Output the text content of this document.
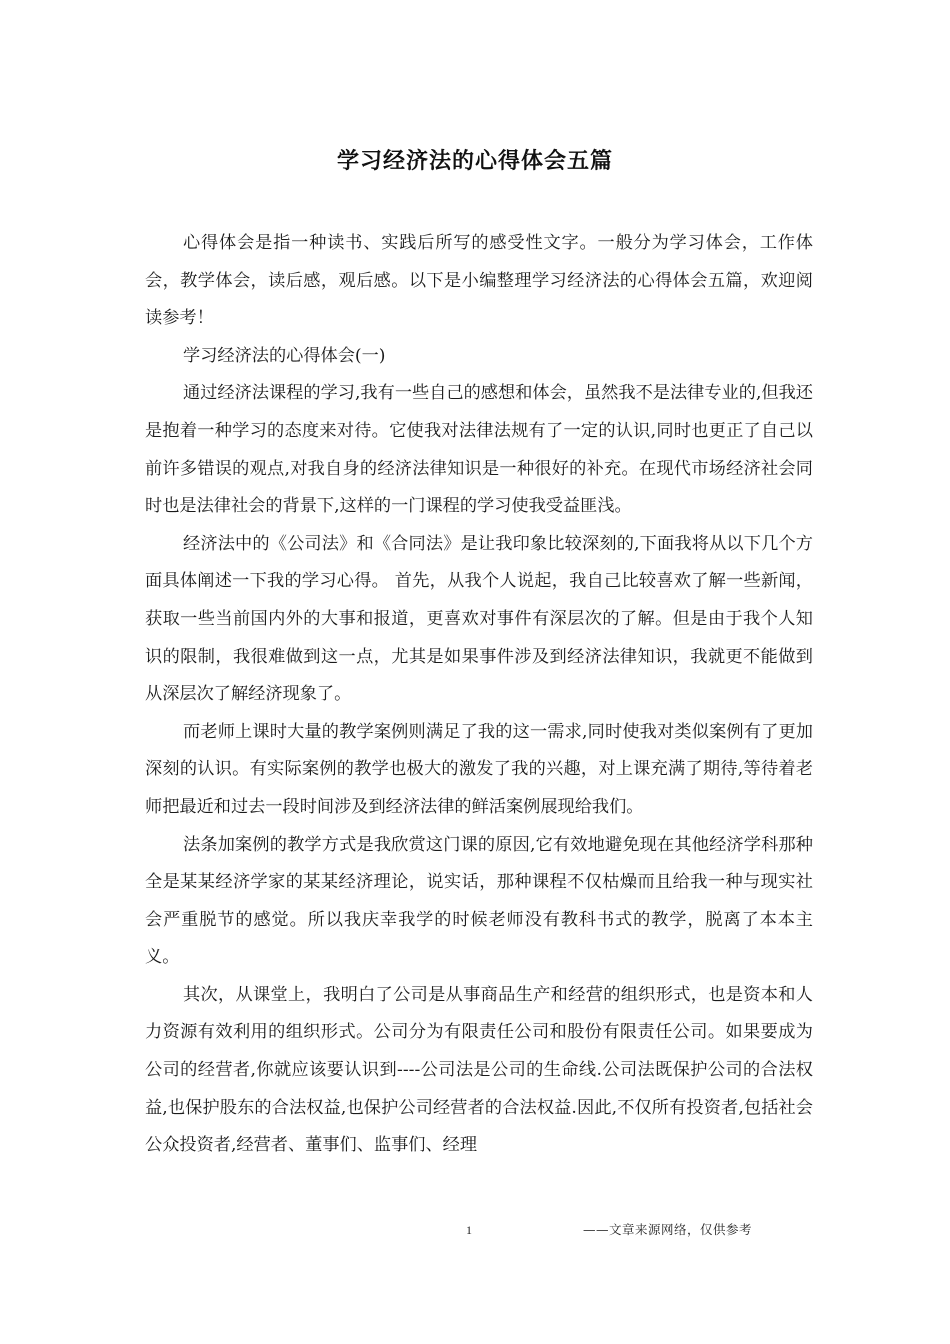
学习经济法的心得体会五篇

心得体会是指一种读书、实践后所写的感受性文字。一般分为学习体会，工作体会，教学体会，读后感，观后感。以下是小编整理学习经济法的心得体会五篇，欢迎阅读参考！

学习经济法的心得体会(一)

通过经济法课程的学习,我有一些自己的感想和体会，虽然我不是法律专业的,但我还是抱着一种学习的态度来对待。它使我对法律法规有了一定的认识,同时也更正了自己以前许多错误的观点,对我自身的经济法律知识是一种很好的补充。在现代市场经济社会同时也是法律社会的背景下,这样的一门课程的学习使我受益匪浅。

经济法中的《公司法》和《合同法》是让我印象比较深刻的,下面我将从以下几个方面具体阐述一下我的学习心得。 首先，从我个人说起，我自己比较喜欢了解一些新闻，获取一些当前国内外的大事和报道，更喜欢对事件有深层次的了解。但是由于我个人知识的限制，我很难做到这一点，尤其是如果事件涉及到经济法律知识，我就更不能做到从深层次了解经济现象了。

而老师上课时大量的教学案例则满足了我的这一需求,同时使我对类似案例有了更加深刻的认识。有实际案例的教学也极大的激发了我的兴趣，对上课充满了期待,等待着老师把最近和过去一段时间涉及到经济法律的鲜活案例展现给我们。

法条加案例的教学方式是我欣赏这门课的原因,它有效地避免现在其他经济学科那种全是某某经济学家的某某经济理论，说实话，那种课程不仅枯燥而且给我一种与现实社会严重脱节的感觉。所以我庆幸我学的时候老师没有教科书式的教学，脱离了本本主义。

其次，从课堂上，我明白了公司是从事商品生产和经营的组织形式，也是资本和人力资源有效利用的组织形式。公司分为有限责任公司和股份有限责任公司。如果要成为公司的经营者,你就应该要认识到----公司法是公司的生命线.公司法既保护公司的合法权益,也保护股东的合法权益,也保护公司经营者的合法权益.因此,不仅所有投资者,包括社会公众投资者,经营者、董事们、监事们、经理

1	——文章来源网络，仅供参考
